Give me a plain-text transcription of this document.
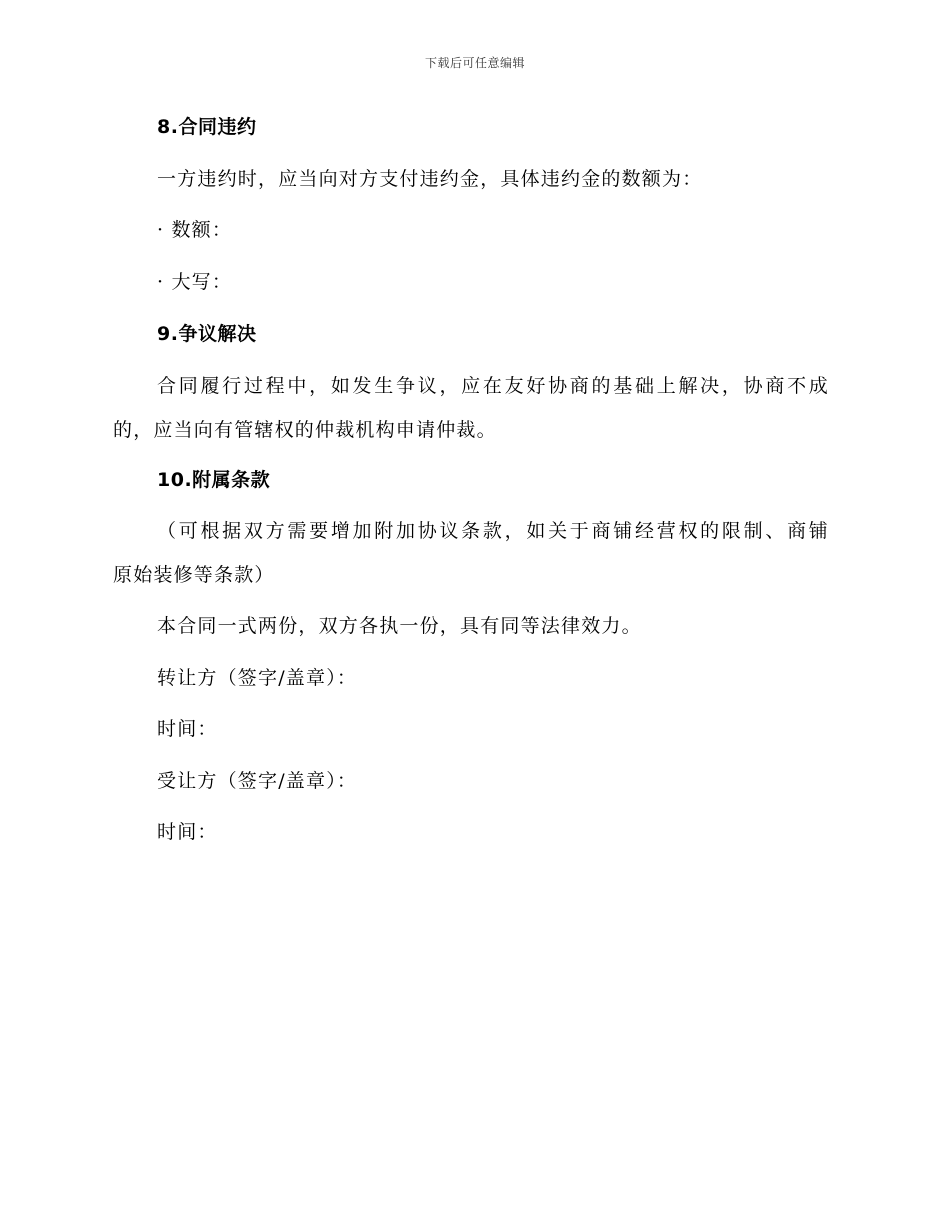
下载后可任意编辑
8.合同违约
一方违约时，应当向对方支付违约金，具体违约金的数额为：
· 数额：
· 大写：
9.争议解决
合同履行过程中，如发生争议，应在友好协商的基础上解决，协商不成
的，应当向有管辖权的仲裁机构申请仲裁。
10.附属条款
（可根据双方需要增加附加协议条款，如关于商铺经营权的限制、商铺
原始装修等条款）
本合同一式两份，双方各执一份，具有同等法律效力。
转让方（签字/盖章）：
时间：
受让方（签字/盖章）：
时间：
